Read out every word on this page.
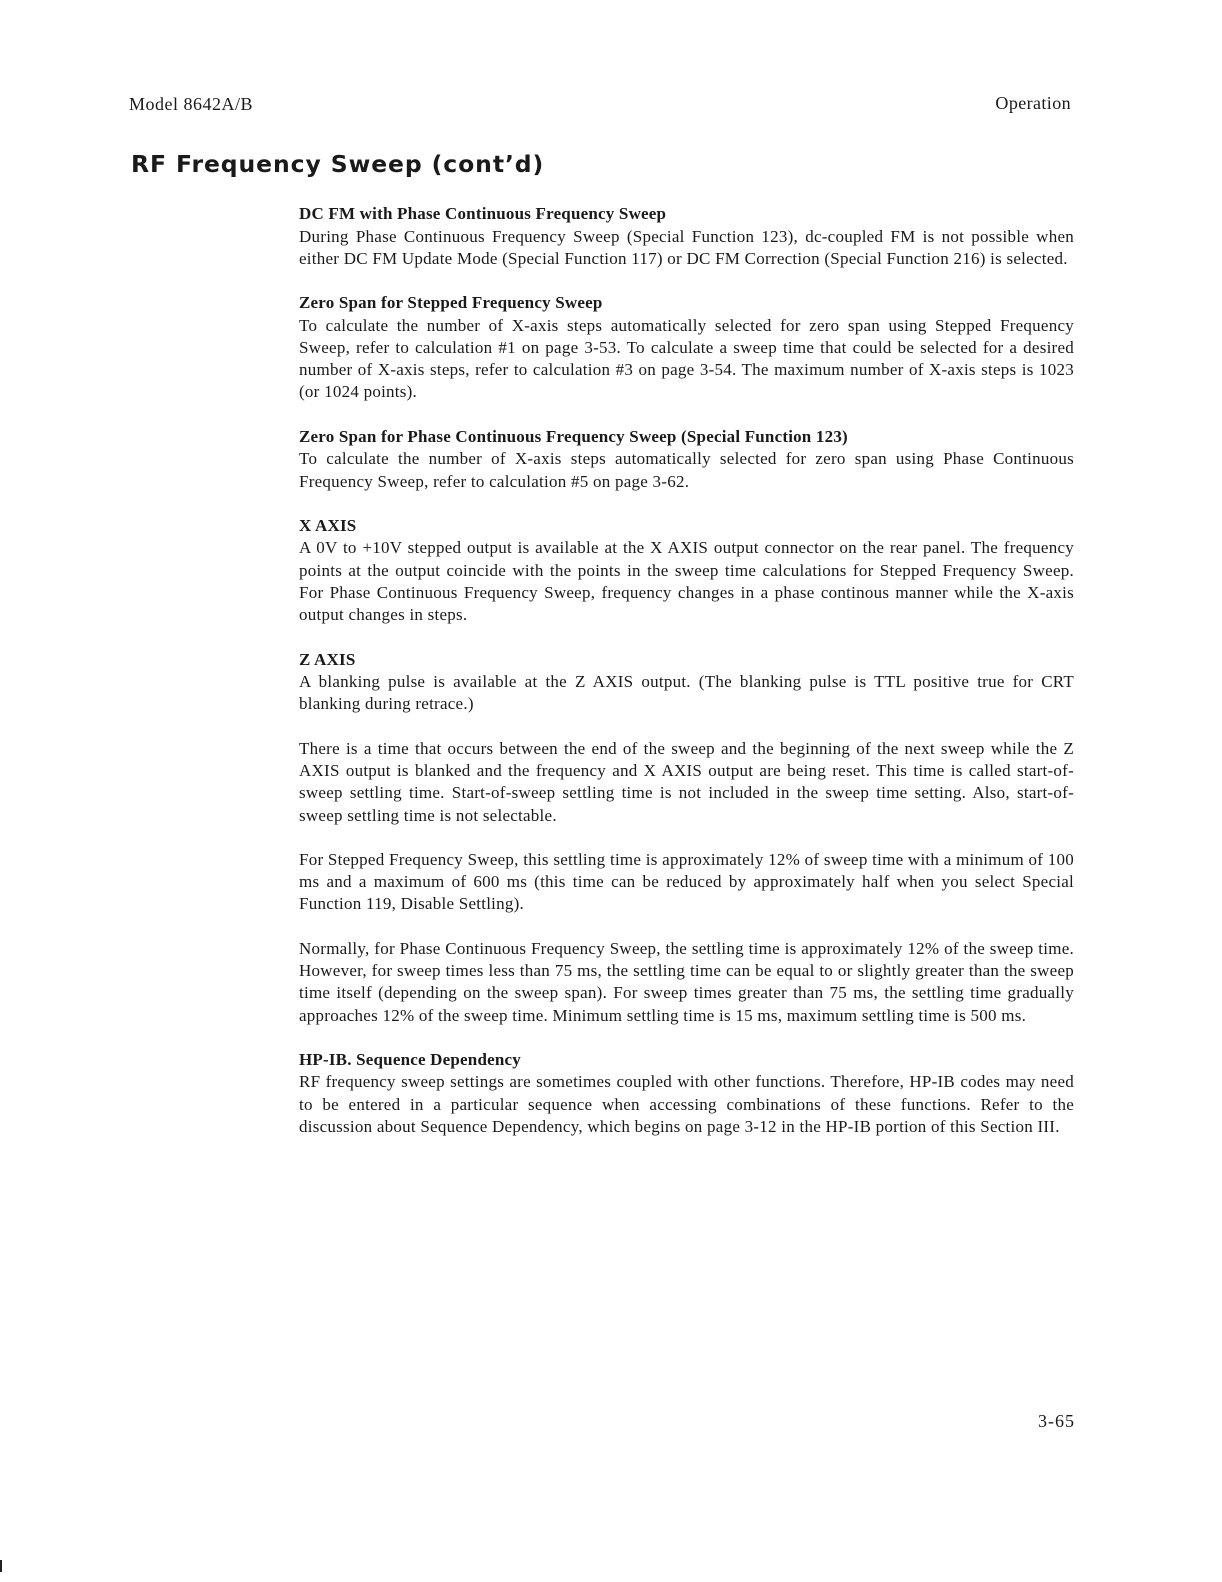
Model 8642A/B	Operation
RF Frequency Sweep (cont’d)
DC FM with Phase Continuous Frequency Sweep

During Phase Continuous Frequency Sweep (Special Function 123), dc-coupled FM is not possible when either DC FM Update Mode (Special Function 117) or DC FM Correction (Special Function 216) is selected.

Zero Span for Stepped Frequency Sweep

To calculate the number of X-axis steps automatically selected for zero span using Stepped Frequency Sweep, refer to calculation #1 on page 3-53. To calculate a sweep time that could be selected for a desired number of X-axis steps, refer to calculation #3 on page 3-54. The maximum number of X-axis steps is 1023 (or 1024 points).

Zero Span for Phase Continuous Frequency Sweep (Special Function 123)

To calculate the number of X-axis steps automatically selected for zero span using Phase Continuous Frequency Sweep, refer to calculation #5 on page 3-62.

X AXIS

A 0V to +10V stepped output is available at the X AXIS output connector on the rear panel. The frequency points at the output coincide with the points in the sweep time calculations for Stepped Frequency Sweep. For Phase Continuous Frequency Sweep, frequency changes in a phase continous manner while the X-axis output changes in steps.

Z AXIS

A blanking pulse is available at the Z AXIS output. (The blanking pulse is TTL positive true for CRT blanking during retrace.)

There is a time that occurs between the end of the sweep and the beginning of the next sweep while the Z AXIS output is blanked and the frequency and X AXIS output are being reset. This time is called start-of-sweep settling time. Start-of-sweep settling time is not included in the sweep time setting. Also, start-of-sweep settling time is not selectable.

For Stepped Frequency Sweep, this settling time is approximately 12% of sweep time with a minimum of 100 ms and a maximum of 600 ms (this time can be reduced by approximately half when you select Special Function 119, Disable Settling).

Normally, for Phase Continuous Frequency Sweep, the settling time is approximately 12% of the sweep time. However, for sweep times less than 75 ms, the settling time can be equal to or slightly greater than the sweep time itself (depending on the sweep span). For sweep times greater than 75 ms, the settling time gradually approaches 12% of the sweep time. Minimum settling time is 15 ms, maximum settling time is 500 ms.

HP-IB. Sequence Dependency

RF frequency sweep settings are sometimes coupled with other functions. Therefore, HP-IB codes may need to be entered in a particular sequence when accessing combinations of these functions. Refer to the discussion about Sequence Dependency, which begins on page 3-12 in the HP-IB portion of this Section III.

3-65
